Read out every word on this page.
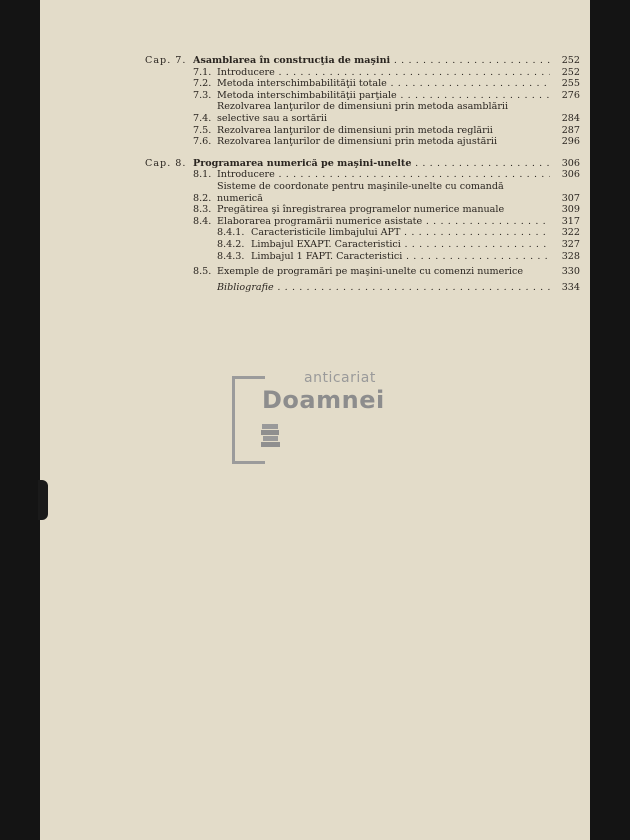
Cap. 7. Asamblarea în construcţia de maşini . . .	252
7.1. Introducere . . .	252
7.2. Metoda interschimbabilităţii totale . . .	255
7.3. Metoda interschimbabilităţii parţiale . . .	276
7.4.
Rezolvarea lanţurilor de dimensiuni prin metoda asamblării selective sau a sortării	284
7.5. Rezolvarea lanţurilor de dimensiuni prin metoda reglării	287
7.6. Rezolvarea lanţurilor de dimensiuni prin metoda ajustării	296
Cap. 8. Programarea numerică pe maşini-unelte . . .	306
8.1. Introducere . . .	306
8.2.
Sisteme de coordonate pentru maşinile-unelte cu comandă numerică	307
8.3. Pregătirea şi înregistrarea programelor numerice manuale	309
8.4. Elaborarea programării numerice asistate . . .	317
8.4.1. Caracteristicile limbajului APT . . .	322
8.4.2. Limbajul EXAPT. Caracteristici . . .	327
8.4.3. Limbajul 1 FAPT. Caracteristici . . .	328
8.5. Exemple de programări pe maşini-unelte cu comenzi numerice	330
Bibliografie . . .	334
anticariat
Doamnei
